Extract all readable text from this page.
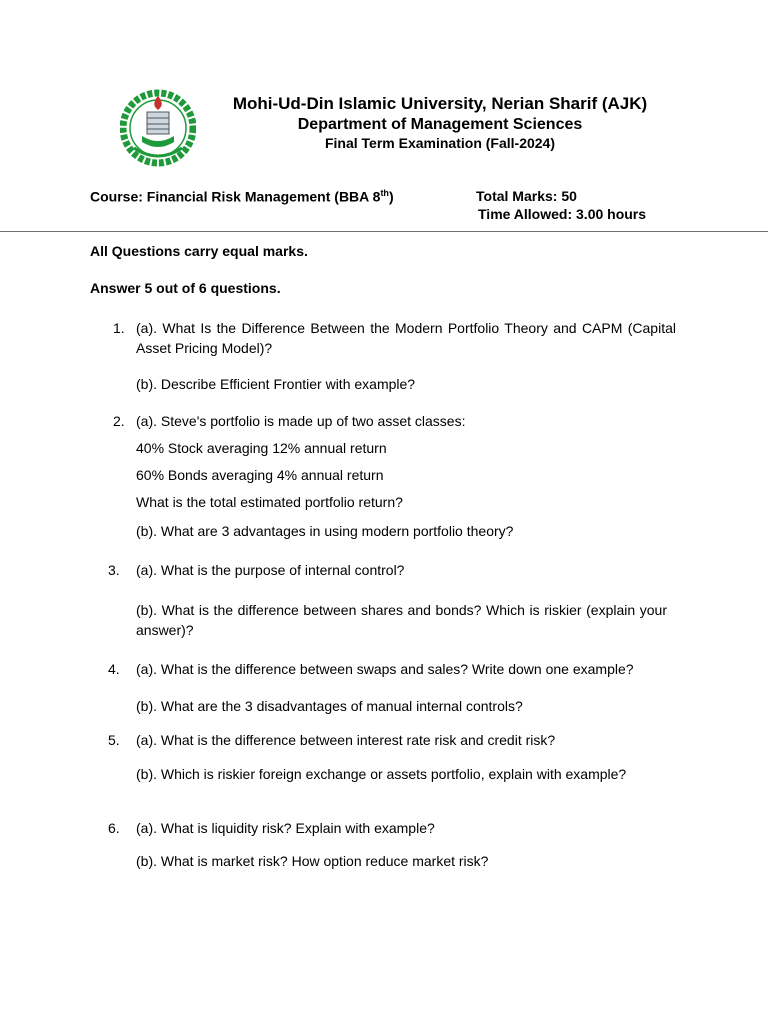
Mohi-Ud-Din Islamic University, Nerian Sharif (AJK)
Department of Management Sciences
Final Term Examination (Fall-2024)
Course: Financial Risk Management (BBA 8th)	Total Marks: 50
Time Allowed: 3.00 hours
All Questions carry equal marks.
Answer 5 out of 6 questions.
1. (a). What Is the Difference Between the Modern Portfolio Theory and CAPM (Capital Asset Pricing Model)?
(b). Describe Efficient Frontier with example?
2. (a). Steve's portfolio is made up of two asset classes:
40% Stock averaging 12% annual return
60% Bonds averaging 4% annual return
What is the total estimated portfolio return?
(b). What are 3 advantages in using modern portfolio theory?
3. (a). What is the purpose of internal control?
(b). What is the difference between shares and bonds? Which is riskier (explain your answer)?
4. (a). What is the difference between swaps and sales? Write down one example?
(b). What are the 3 disadvantages of manual internal controls?
5. (a). What is the difference between interest rate risk and credit risk?
(b). Which is riskier foreign exchange or assets portfolio, explain with example?
6. (a). What is liquidity risk? Explain with example?
(b). What is market risk? How option reduce market risk?
